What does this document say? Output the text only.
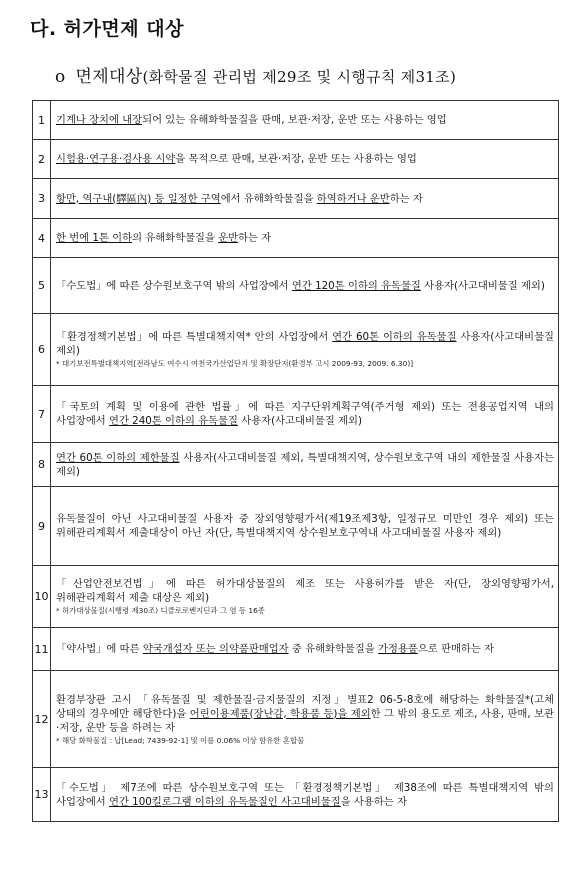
다. 허가면제 대상
o 면제대상(화학물질 관리법 제29조 및 시행규칙 제31조)
1	기계나 장치에 내장되어 있는 유해화학물질을 판매, 보관·저장, 운반 또는 사용하는 영업
2	시험용·연구용·검사용 시약을 목적으로 판매, 보관·저장, 운반 또는 사용하는 영업
3	항만, 역구내(驛區內) 등 일정한 구역에서 유해화학물질을 하역하거나 운반하는 자
4	한 번에 1톤 이하의 유해화학물질을 운반하는 자
5	「수도법」에 따른 상수원보호구역 밖의 사업장에서 연간 120톤 이하의 유독물질 사용자(사고대비물질 제외)
6	「환경정책기본법」에 따른 특별대책지역* 안의 사업장에서 연간 60톤 이하의 유독물질 사용자(사고대비물질 제외)
* 대기보전특별대책지역[전라남도 여수시 여천국가산업단지 및 확장단지(환경부 고시 2009-93, 2009. 6.30)]

7	「국토의 계획 및 이용에 관한 법률」에 따른 지구단위계획구역(주거형 제외) 또는 전용공업지역 내의 사업장에서 연간 240톤 이하의 유독물질 사용자(사고대비물질 제외)
8	연간 60톤 이하의 제한물질 사용자(사고대비물질 제외, 특별대책지역, 상수원보호구역 내의 제한물질 사용자는 제외)
9	유독물질이 아닌 사고대비물질 사용자 중 장외영향평가서(제19조제3항, 일정규모 미만인 경우 제외) 또는 위해관리계획서 제출대상이 아닌 자(단, 특별대책지역 상수원보호구역내 사고대비물질 사용자 제외)
10	「산업안전보건법」에 따른 허가대상물질의 제조 또는 사용허가를 받은 자(단, 장외영향평가서, 위해관리계획서 제출 대상은 제외)
* 허가대상물질(시행령 제30조) 디클로로벤지딘과 그 염 등 16종

11	「약사법」에 따른 약국개설자 또는 의약품판매업자 중 유해화학물질을 가정용품으로 판매하는 자
12	환경부장관 고시 「유독물질 및 제한물질·금지물질의 지정」별표2 06-5-8호에 해당하는 화학물질*(고체 상태의 경우에만 해당한다)을 어린이용제품(장난감, 학용품 등)을 제외한 그 밖의 용도로 제조, 사용, 판매, 보관·저장, 운반 등을 하려는 자
* 해당 화학물질 : 납[Lead; 7439-92-1] 및 이를 0.06% 이상 함유한 혼합물

13	「수도법」 제7조에 따른 상수원보호구역 또는 「환경정책기본법」 제38조에 따른 특별대책지역 밖의 사업장에서 연간 100킬로그램 이하의 유독물질인 사고대비물질을 사용하는 자
